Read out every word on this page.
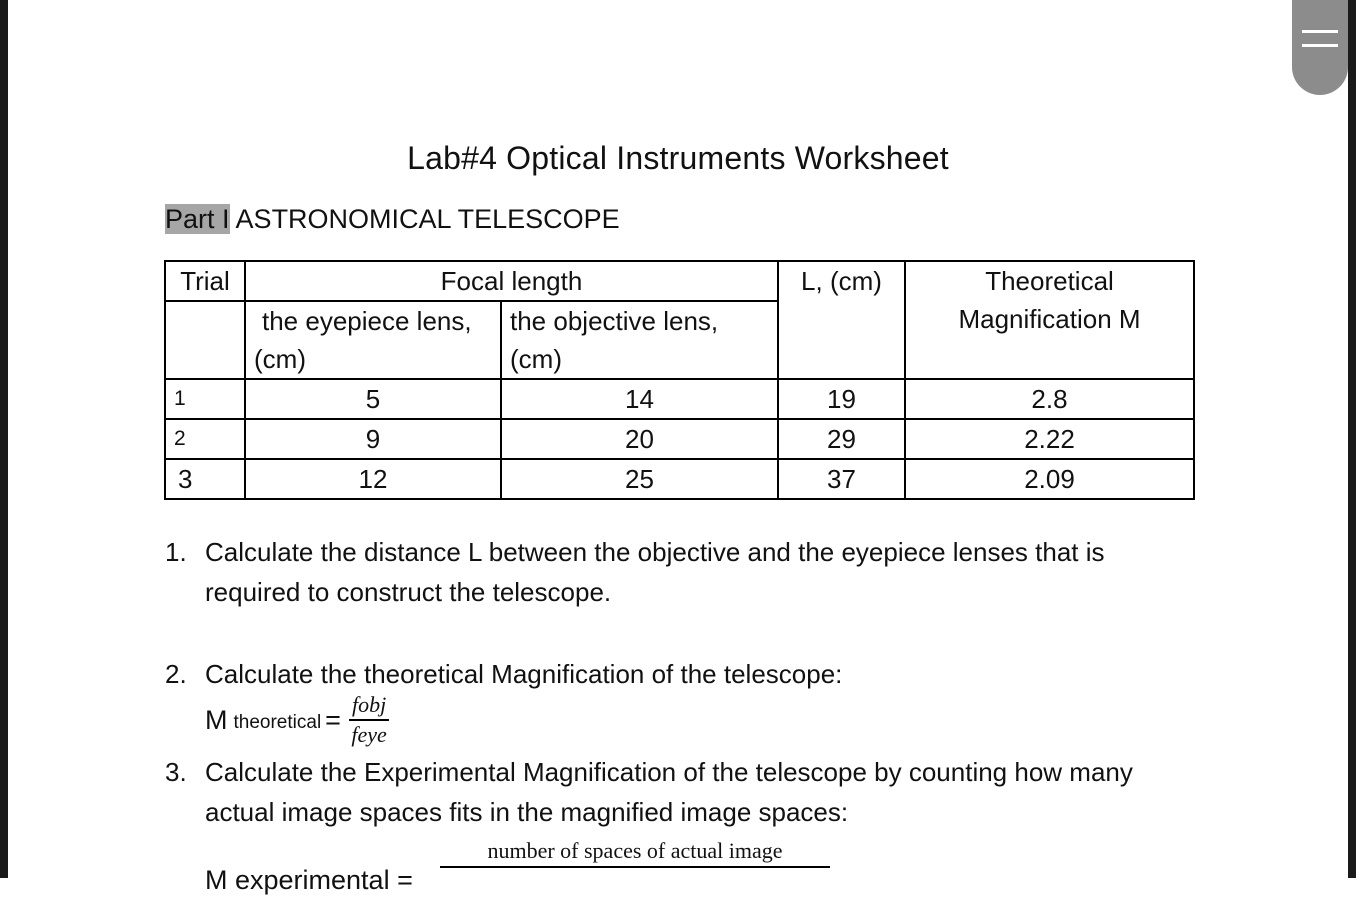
Lab#4 Optical Instruments Worksheet
Part I ASTRONOMICAL TELESCOPE
Trial	Focal length		L, (cm)	Theoretical Magnification M
	the eyepiece lens, (cm)	the objective lens, (cm)		
1	5	14	19	2.8
2	9	20	29	2.22
3	12	25	37	2.09
1. Calculate the distance L between the objective and the eyepiece lenses that is required to construct the telescope.
2. Calculate the theoretical Magnification of the telescope:
M theoretical = $\frac{\text{fobj}}{\text{feye}}$
3. Calculate the Experimental Magnification of the telescope by counting how many actual image spaces fits in the magnified image spaces:
M experimental =
number of spaces of actual image
